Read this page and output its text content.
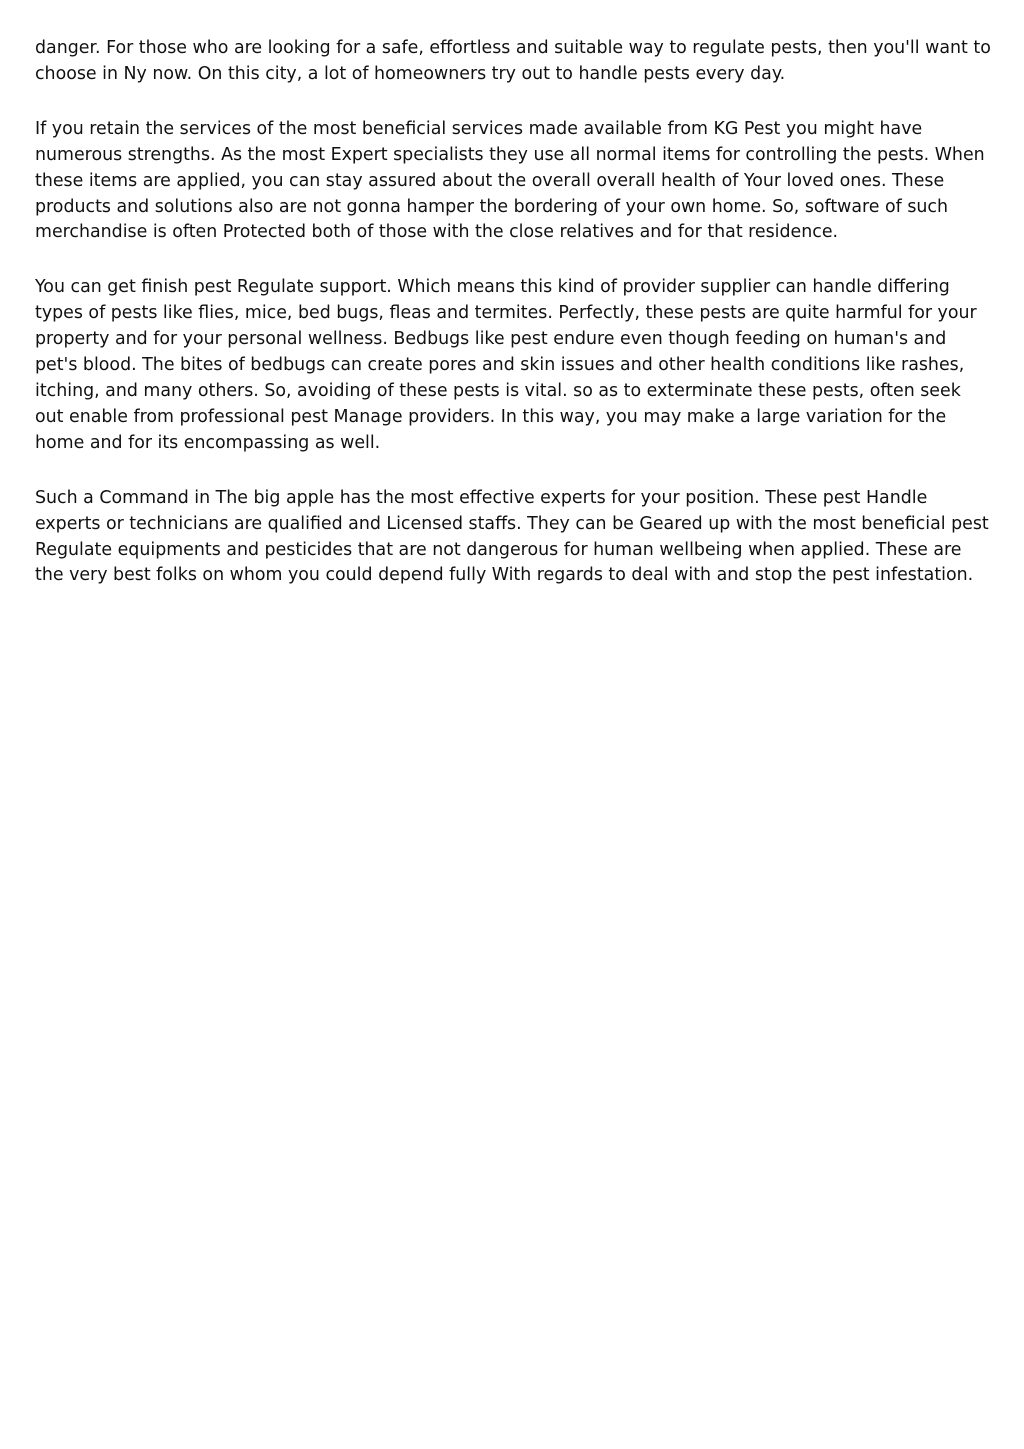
danger. For those who are looking for a safe, effortless and suitable way to regulate pests, then you'll want to choose in Ny now. On this city, a lot of homeowners try out to handle pests every day.

If you retain the services of the most beneficial services made available from KG Pest you might have numerous strengths. As the most Expert specialists they use all normal items for controlling the pests. When these items are applied, you can stay assured about the overall overall health of Your loved ones. These products and solutions also are not gonna hamper the bordering of your own home. So, software of such merchandise is often Protected both of those with the close relatives and for that residence.

You can get finish pest Regulate support. Which means this kind of provider supplier can handle differing types of pests like flies, mice, bed bugs, fleas and termites. Perfectly, these pests are quite harmful for your property and for your personal wellness. Bedbugs like pest endure even though feeding on human's and pet's blood. The bites of bedbugs can create pores and skin issues and other health conditions like rashes, itching, and many others. So, avoiding of these pests is vital. so as to exterminate these pests, often seek out enable from professional pest Manage providers. In this way, you may make a large variation for the home and for its encompassing as well.

Such a Command in The big apple has the most effective experts for your position. These pest Handle experts or technicians are qualified and Licensed staffs. They can be Geared up with the most beneficial pest Regulate equipments and pesticides that are not dangerous for human wellbeing when applied. These are the very best folks on whom you could depend fully With regards to deal with and stop the pest infestation.
